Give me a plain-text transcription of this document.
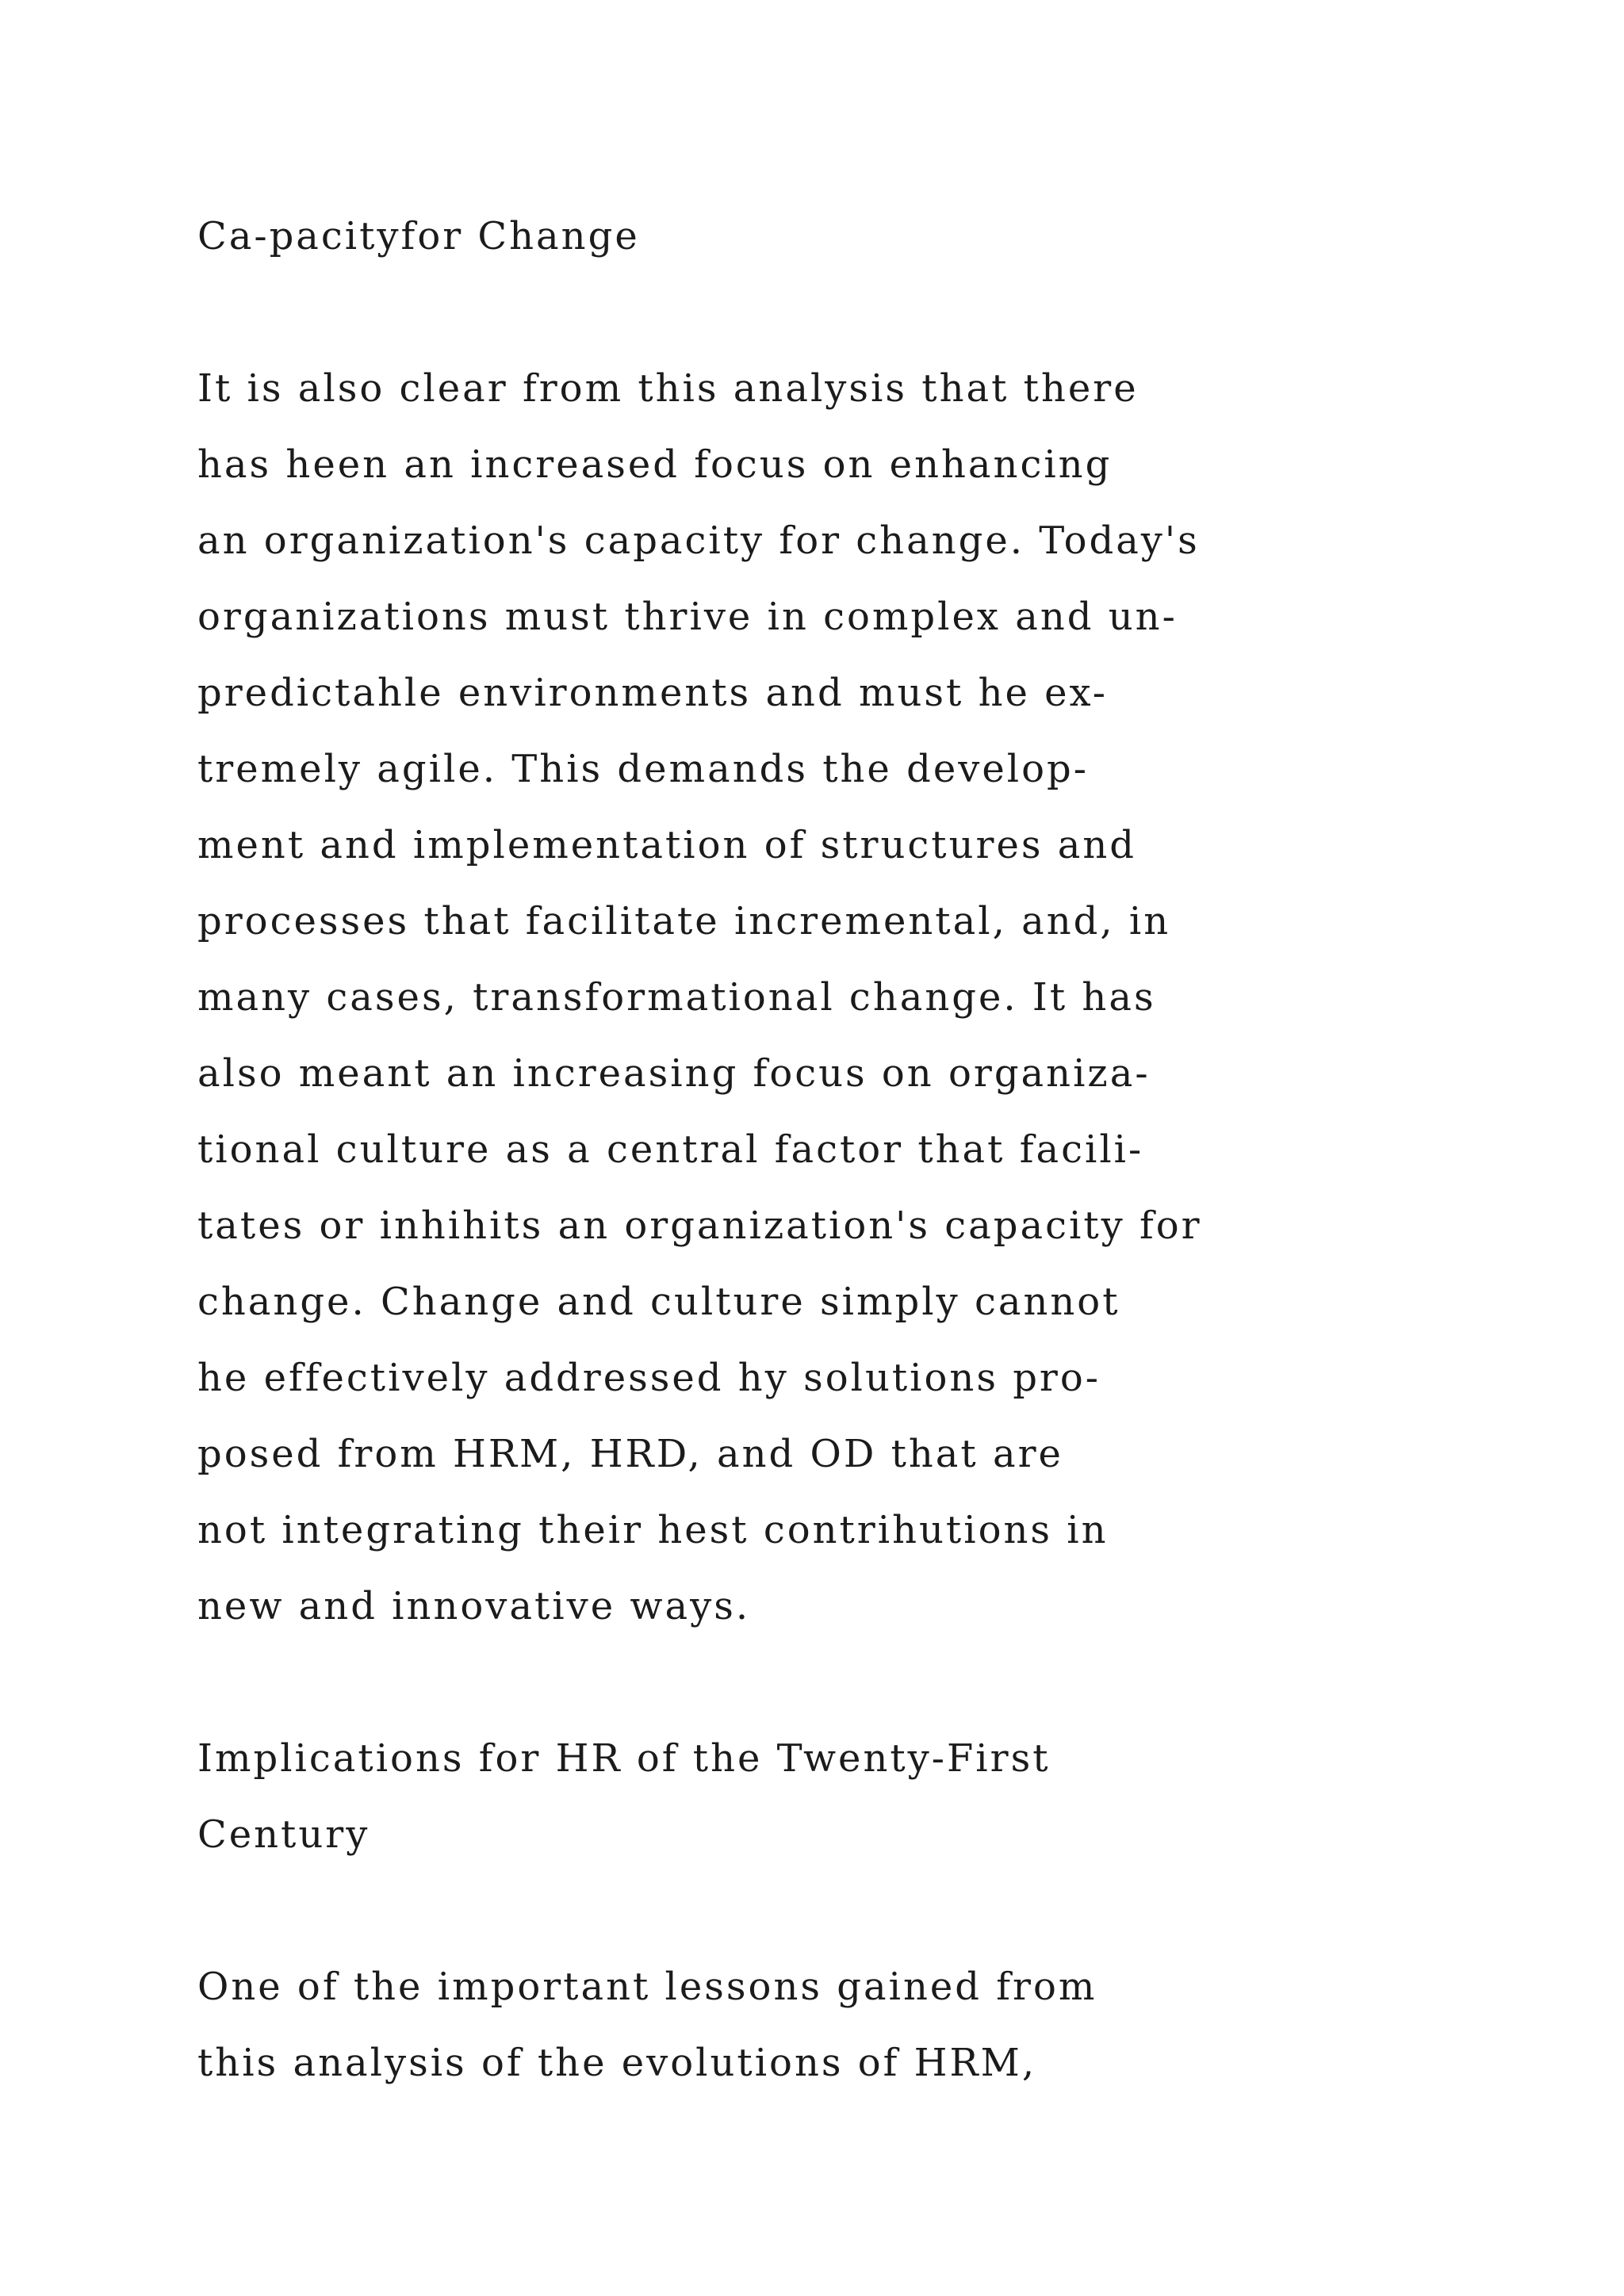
Ca-pacityfor Change
It is also clear from this analysis that there
has heen an increased focus on enhancing
an organization's capacity for change. Today's
organizations must thrive in complex and un-
predictahle environments and must he ex-
tremely agile. This demands the develop-
ment and implementation of structures and
processes that facilitate incremental, and, in
many cases, transformational change. It has
also meant an increasing focus on organiza-
tional culture as a central factor that facili-
tates or inhihits an organization's capacity for
change. Change and culture simply cannot
he effectively addressed hy solutions pro-
posed from HRM, HRD, and OD that are
not integrating their hest contrihutions in
new and innovative ways.
Implications for HR of the Twenty-First
Century
One of the important lessons gained from
this analysis of the evolutions of HRM,
